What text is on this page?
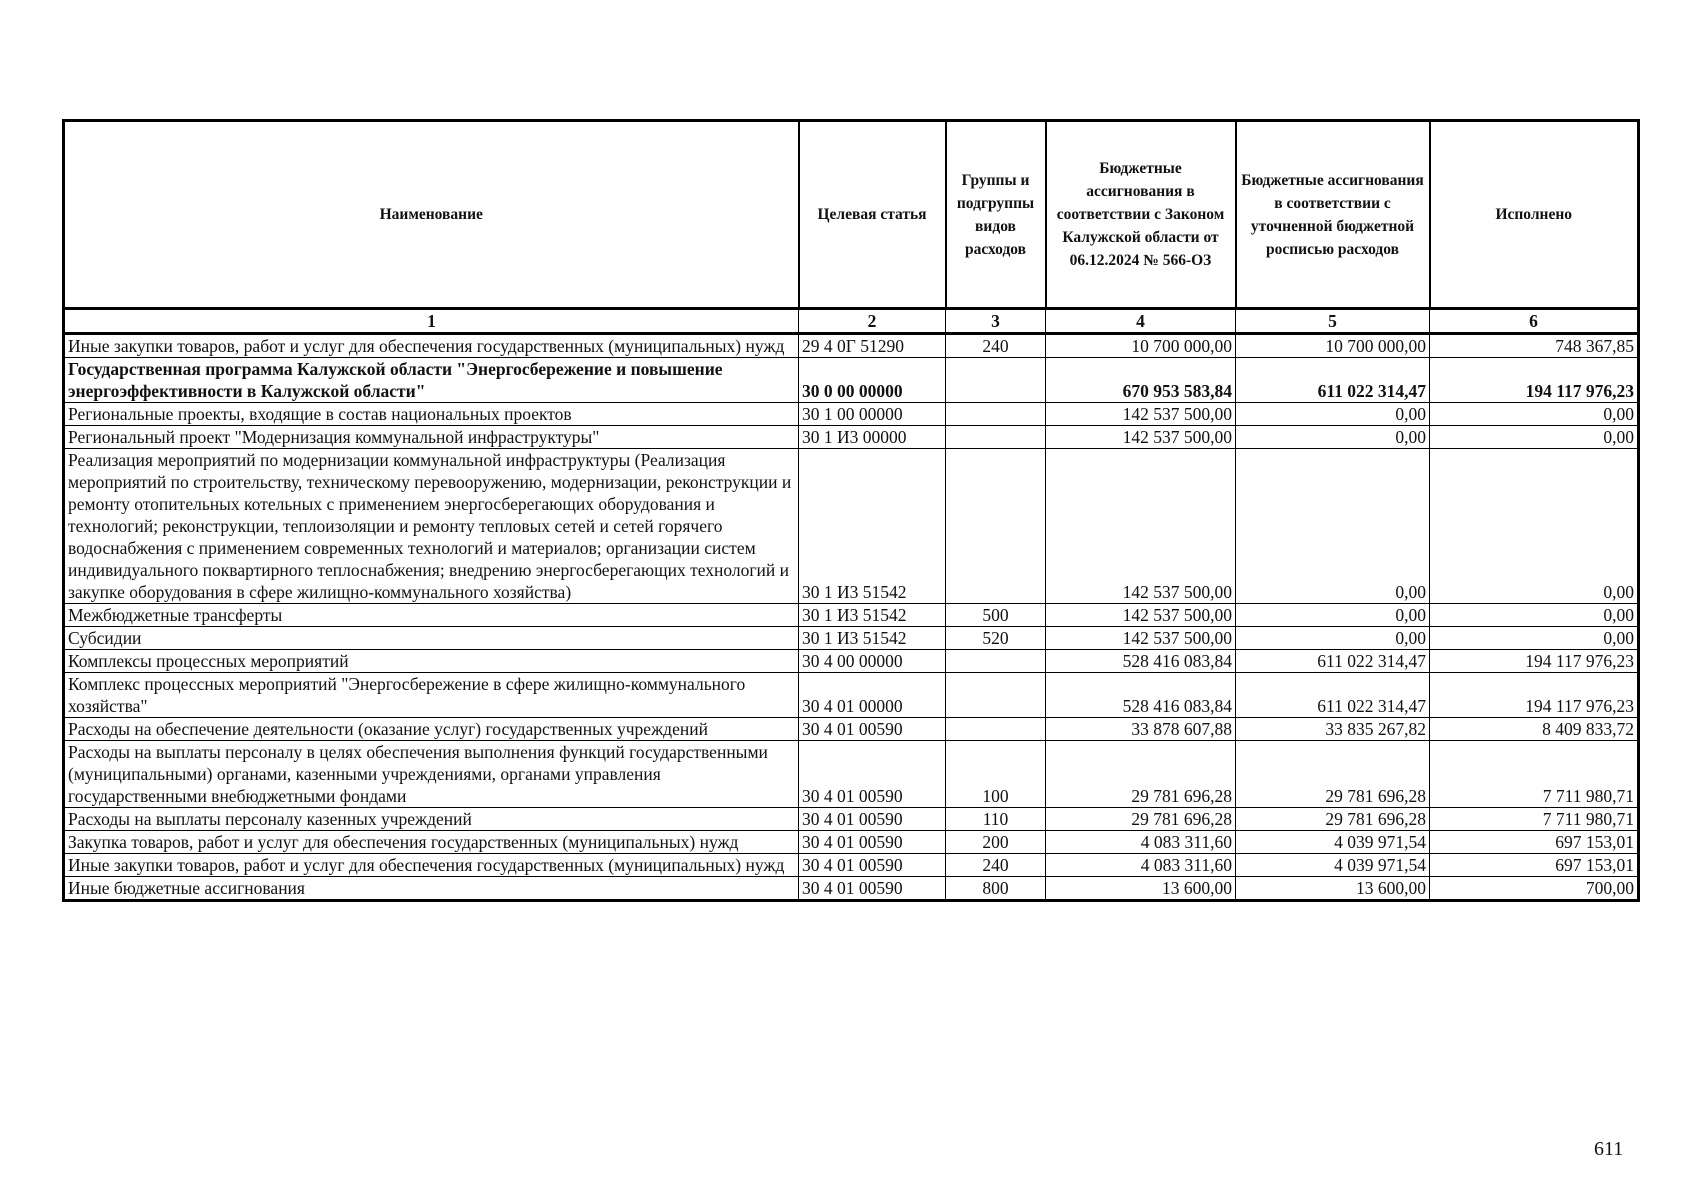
Наименование	Целевая статья	Группы и подгруппы видов расходов	Бюджетные ассигнования в соответствии с Законом Калужской области от 06.12.2024 № 566-ОЗ	Бюджетные ассигнования в соответствии с уточненной бюджетной росписью расходов	Исполнено
1	2	3	4	5	6
Иные закупки товаров, работ и услуг для обеспечения государственных (муниципальных) нужд	29 4 0Г 51290	240	10 700 000,00	10 700 000,00	748 367,85
Государственная программа Калужской области "Энергосбережение и повышение энергоэффективности в Калужской области"	30 0 00 00000		670 953 583,84	611 022 314,47	194 117 976,23
Региональные проекты, входящие в состав национальных проектов	30 1 00 00000		142 537 500,00	0,00	0,00
Региональный проект "Модернизация коммунальной инфраструктуры"	30 1 И3 00000		142 537 500,00	0,00	0,00
Реализация мероприятий по модернизации коммунальной инфраструктуры (Реализация мероприятий по строительству, техническому перевооружению, модернизации, реконструкции и ремонту отопительных котельных с применением энергосберегающих оборудования и технологий; реконструкции, теплоизоляции и ремонту тепловых сетей и сетей горячего водоснабжения с применением современных технологий и материалов; организации систем индивидуального поквартирного теплоснабжения; внедрению энергосберегающих технологий и закупке оборудования в сфере жилищно-коммунального хозяйства)	30 1 И3 51542		142 537 500,00	0,00	0,00
Межбюджетные трансферты	30 1 И3 51542	500	142 537 500,00	0,00	0,00
Субсидии	30 1 И3 51542	520	142 537 500,00	0,00	0,00
Комплексы процессных мероприятий	30 4 00 00000		528 416 083,84	611 022 314,47	194 117 976,23
Комплекс процессных мероприятий "Энергосбережение в сфере жилищно-коммунального хозяйства"	30 4 01 00000		528 416 083,84	611 022 314,47	194 117 976,23
Расходы на обеспечение деятельности (оказание услуг) государственных учреждений	30 4 01 00590		33 878 607,88	33 835 267,82	8 409 833,72
Расходы на выплаты персоналу в целях обеспечения выполнения функций государственными (муниципальными) органами, казенными учреждениями, органами управления государственными внебюджетными фондами	30 4 01 00590	100	29 781 696,28	29 781 696,28	7 711 980,71
Расходы на выплаты персоналу казенных учреждений	30 4 01 00590	110	29 781 696,28	29 781 696,28	7 711 980,71
Закупка товаров, работ и услуг для обеспечения государственных (муниципальных) нужд	30 4 01 00590	200	4 083 311,60	4 039 971,54	697 153,01
Иные закупки товаров, работ и услуг для обеспечения государственных (муниципальных) нужд	30 4 01 00590	240	4 083 311,60	4 039 971,54	697 153,01
Иные бюджетные ассигнования	30 4 01 00590	800	13 600,00	13 600,00	700,00
611
